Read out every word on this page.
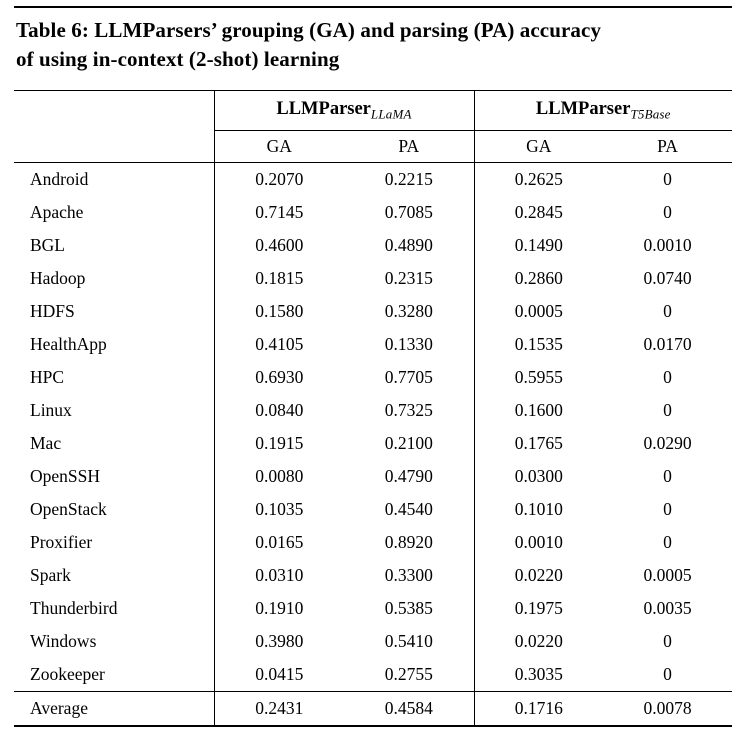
Table 6: LLMParsers’ grouping (GA) and parsing (PA) accuracy
of using in-context (2-shot) learning
	LLMParser$_{LLaMA}$		LLMParser$_{T5Base}$
	GA	PA	GA	PA
Android	0.2070	0.2215	0.2625	0
Apache	0.7145	0.7085	0.2845	0
BGL	0.4600	0.4890	0.1490	0.0010
Hadoop	0.1815	0.2315	0.2860	0.0740
HDFS	0.1580	0.3280	0.0005	0
HealthApp	0.4105	0.1330	0.1535	0.0170
HPC	0.6930	0.7705	0.5955	0
Linux	0.0840	0.7325	0.1600	0
Mac	0.1915	0.2100	0.1765	0.0290
OpenSSH	0.0080	0.4790	0.0300	0
OpenStack	0.1035	0.4540	0.1010	0
Proxifier	0.0165	0.8920	0.0010	0
Spark	0.0310	0.3300	0.0220	0.0005
Thunderbird	0.1910	0.5385	0.1975	0.0035
Windows	0.3980	0.5410	0.0220	0
Zookeeper	0.0415	0.2755	0.3035	0
Average	0.2431	0.4584	0.1716	0.0078
